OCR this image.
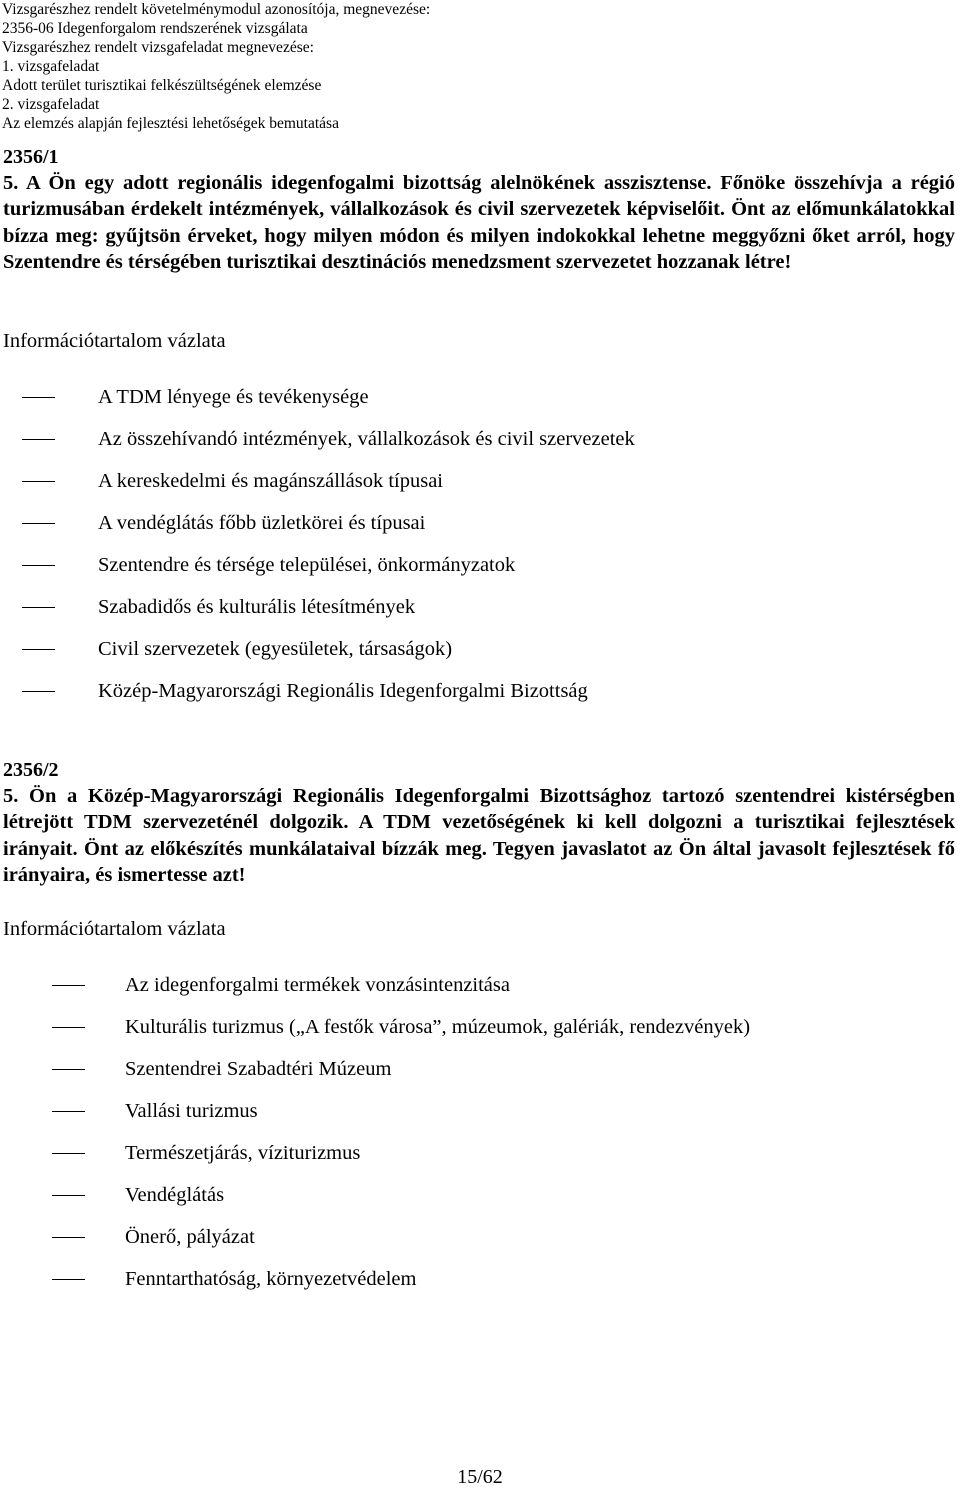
Vizsgarészhez rendelt követelménymodul azonosítója, megnevezése:
2356-06 Idegenforgalom rendszerének vizsgálata
Vizsgarészhez rendelt vizsgafeladat megnevezése:
1. vizsgafeladat
Adott terület turisztikai felkészültségének elemzése
2. vizsgafeladat
Az elemzés alapján fejlesztési lehetőségek bemutatása
2356/1

5. A Ön egy adott regionális idegenfogalmi bizottság alelnökének asszisztense. Főnöke összehívja a régió turizmusában érdekelt intézmények, vállalkozások és civil szervezetek képviselőit. Önt az előmunkálatokkal bízza meg: gyűjtsön érveket, hogy milyen módon és milyen indokokkal lehetne meggyőzni őket arról, hogy Szentendre és térségében turisztikai desztinációs menedzsment szervezetet hozzanak létre!

Információtartalom vázlata
A TDM lényege és tevékenysége
Az összehívandó intézmények, vállalkozások és civil szervezetek
A kereskedelmi és magánszállások típusai
A vendéglátás főbb üzletkörei és típusai
Szentendre és térsége települései, önkormányzatok
Szabadidős és kulturális létesítmények
Civil szervezetek (egyesületek, társaságok)
Közép-Magyarországi Regionális Idegenforgalmi Bizottság
2356/2

5. Ön a Közép-Magyarországi Regionális Idegenforgalmi Bizottsághoz tartozó szentendrei kistérségben létrejött TDM szervezeténél dolgozik. A TDM vezetőségének ki kell dolgozni a turisztikai fejlesztések irányait. Önt az előkészítés munkálataival bízzák meg. Tegyen javaslatot az Ön által javasolt fejlesztések fő irányaira, és ismertesse azt!

Információtartalom vázlata
Az idegenforgalmi termékek vonzásintenzitása
Kulturális turizmus („A festők városa”, múzeumok, galériák, rendezvények)
Szentendrei Szabadtéri Múzeum
Vallási turizmus
Természetjárás, víziturizmus
Vendéglátás
Önerő, pályázat
Fenntarthatóság, környezetvédelem
15/62
